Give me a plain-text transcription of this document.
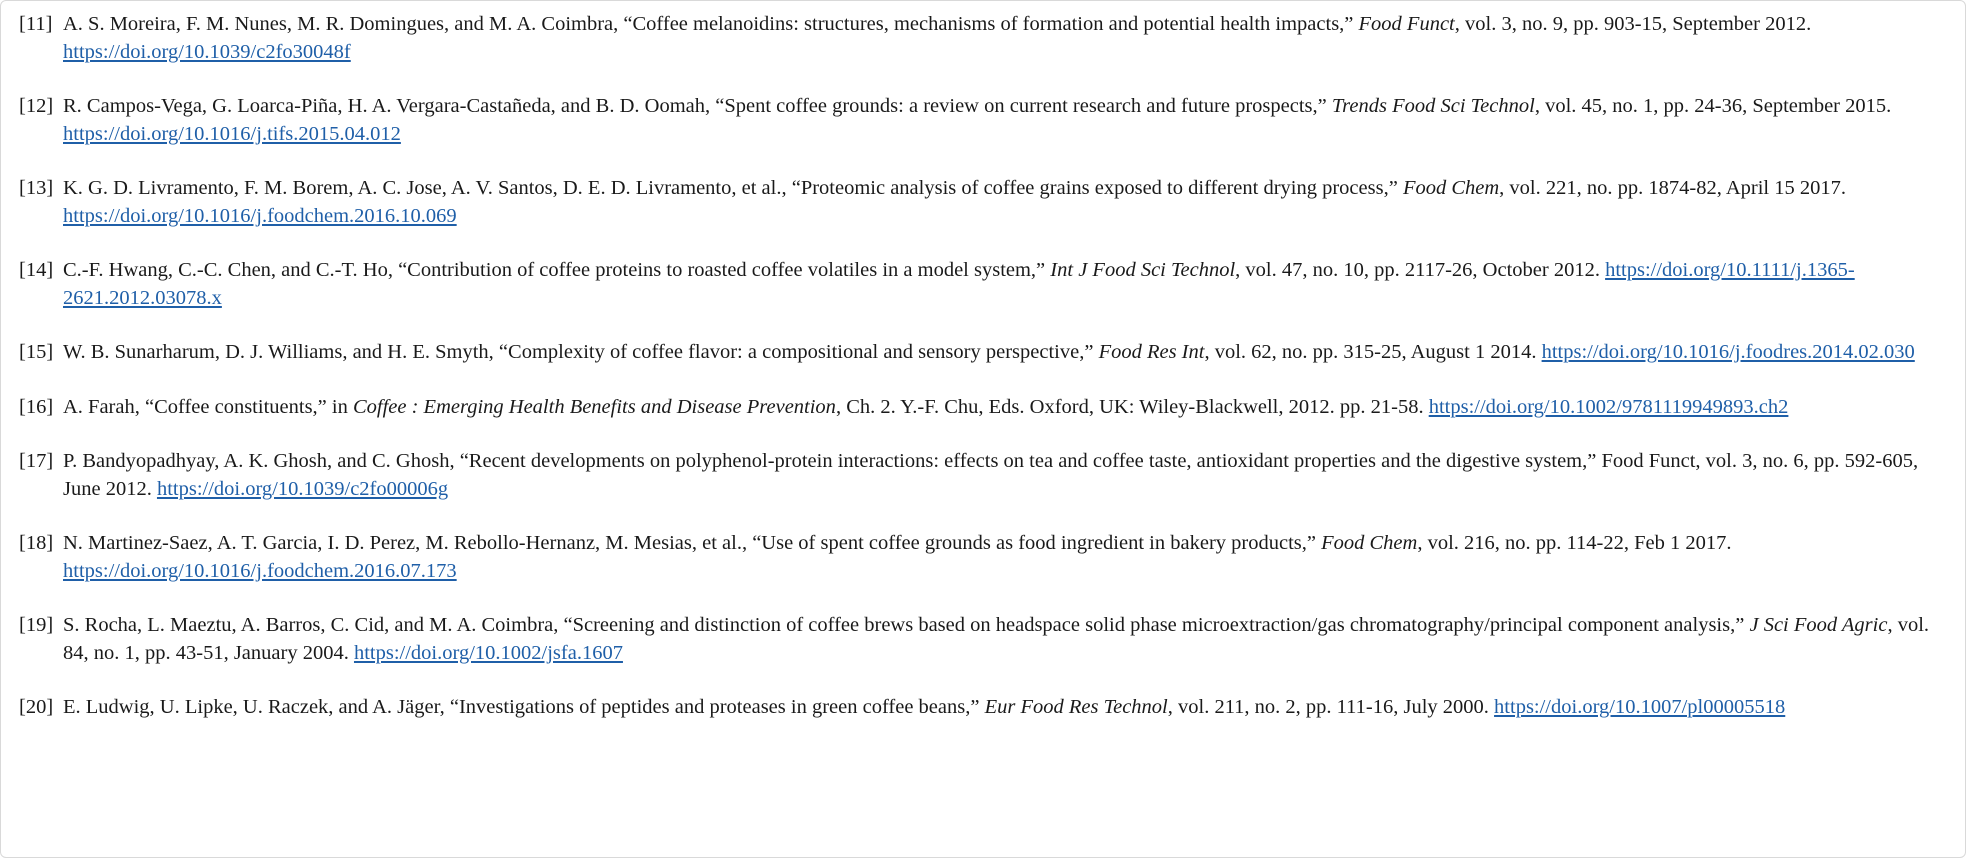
[11] A. S. Moreira, F. M. Nunes, M. R. Domingues, and M. A. Coimbra, “Coffee melanoidins: structures, mechanisms of formation and potential health impacts,” Food Funct, vol. 3, no. 9, pp. 903-15, September 2012. https://doi.org/10.1039/c2fo30048f
[12] R. Campos-Vega, G. Loarca-Piña, H. A. Vergara-Castañeda, and B. D. Oomah, “Spent coffee grounds: a review on current research and future prospects,” Trends Food Sci Technol, vol. 45, no. 1, pp. 24-36, September 2015. https://doi.org/10.1016/j.tifs.2015.04.012
[13] K. G. D. Livramento, F. M. Borem, A. C. Jose, A. V. Santos, D. E. D. Livramento, et al., “Proteomic analysis of coffee grains exposed to different drying process,” Food Chem, vol. 221, no. pp. 1874-82, April 15 2017. https://doi.org/10.1016/j.foodchem.2016.10.069
[14] C.-F. Hwang, C.-C. Chen, and C.-T. Ho, “Contribution of coffee proteins to roasted coffee volatiles in a model system,” Int J Food Sci Technol, vol. 47, no. 10, pp. 2117-26, October 2012. https://doi.org/10.1111/j.1365-2621.2012.03078.x
[15] W. B. Sunarharum, D. J. Williams, and H. E. Smyth, “Complexity of coffee flavor: a compositional and sensory perspective,” Food Res Int, vol. 62, no. pp. 315-25, August 1 2014. https://doi.org/10.1016/j.foodres.2014.02.030
[16] A. Farah, “Coffee constituents,” in Coffee : Emerging Health Benefits and Disease Prevention, Ch. 2. Y.-F. Chu, Eds. Oxford, UK: Wiley-Blackwell, 2012. pp. 21-58. https://doi.org/10.1002/9781119949893.ch2
[17] P. Bandyopadhyay, A. K. Ghosh, and C. Ghosh, “Recent developments on polyphenol-protein interactions: effects on tea and coffee taste, antioxidant properties and the digestive system,” Food Funct, vol. 3, no. 6, pp. 592-605, June 2012. https://doi.org/10.1039/c2fo00006g
[18] N. Martinez-Saez, A. T. Garcia, I. D. Perez, M. Rebollo-Hernanz, M. Mesias, et al., “Use of spent coffee grounds as food ingredient in bakery products,” Food Chem, vol. 216, no. pp. 114-22, Feb 1 2017. https://doi.org/10.1016/j.foodchem.2016.07.173
[19] S. Rocha, L. Maeztu, A. Barros, C. Cid, and M. A. Coimbra, “Screening and distinction of coffee brews based on headspace solid phase microextraction/gas chromatography/principal component analysis,” J Sci Food Agric, vol. 84, no. 1, pp. 43-51, January 2004. https://doi.org/10.1002/jsfa.1607
[20] E. Ludwig, U. Lipke, U. Raczek, and A. Jäger, “Investigations of peptides and proteases in green coffee beans,” Eur Food Res Technol, vol. 211, no. 2, pp. 111-16, July 2000. https://doi.org/10.1007/pl00005518
